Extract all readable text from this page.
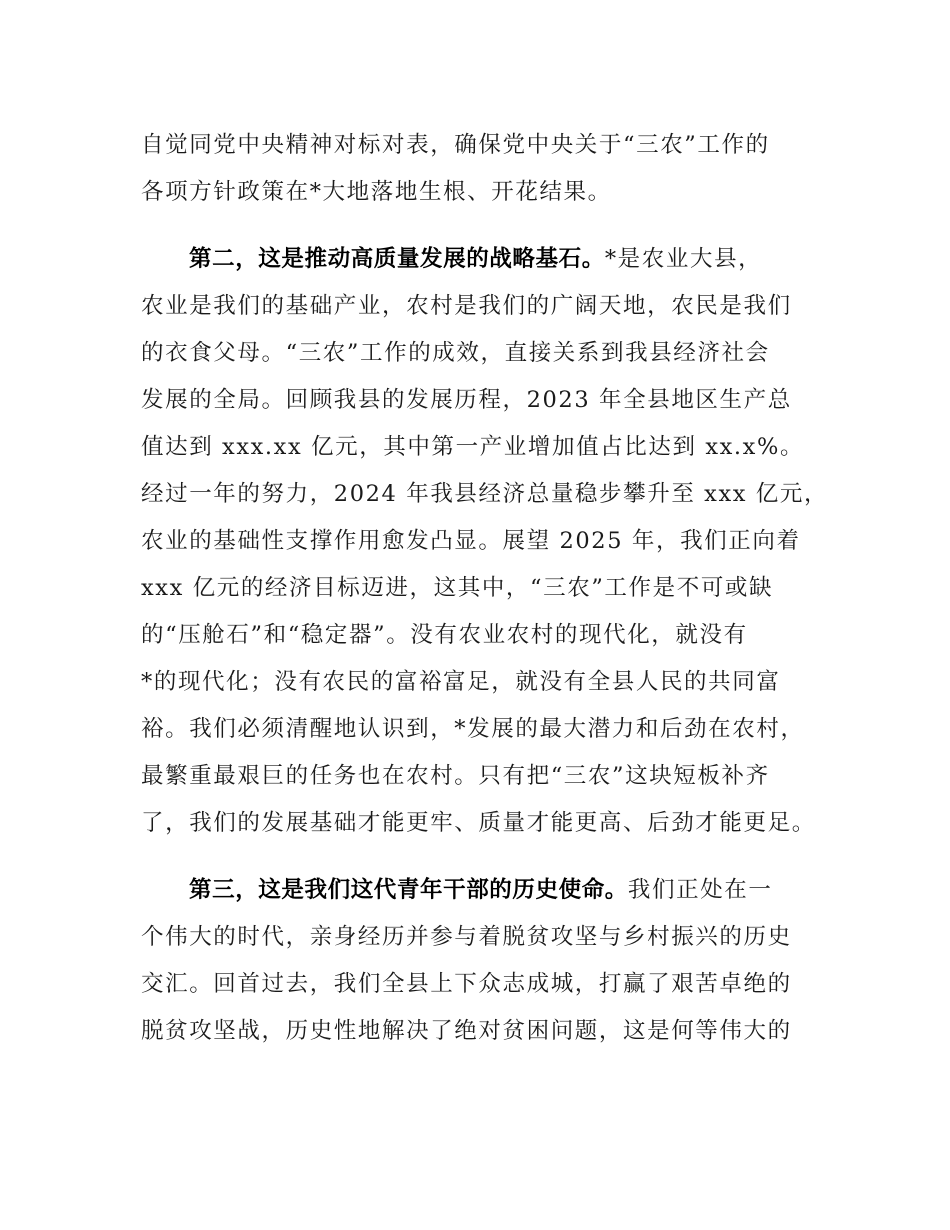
自觉同党中央精神对标对表，确保党中央关于“三农”工作的
各项方针政策在*大地落地生根、开花结果。

第二，这是推动高质量发展的战略基石。*是农业大县，
农业是我们的基础产业，农村是我们的广阔天地，农民是我们
的衣食父母。“三农”工作的成效，直接关系到我县经济社会
发展的全局。回顾我县的发展历程，2023 年全县地区生产总
值达到 xxx.xx 亿元，其中第一产业增加值占比达到 xx.x%。
经过一年的努力，2024 年我县经济总量稳步攀升至 xxx 亿元，
农业的基础性支撑作用愈发凸显。展望 2025 年，我们正向着
xxx 亿元的经济目标迈进，这其中，“三农”工作是不可或缺
的“压舱石”和“稳定器”。没有农业农村的现代化，就没有
*的现代化；没有农民的富裕富足，就没有全县人民的共同富
裕。我们必须清醒地认识到，*发展的最大潜力和后劲在农村，
最繁重最艰巨的任务也在农村。只有把“三农”这块短板补齐
了，我们的发展基础才能更牢、质量才能更高、后劲才能更足。

第三，这是我们这代青年干部的历史使命。我们正处在一
个伟大的时代，亲身经历并参与着脱贫攻坚与乡村振兴的历史
交汇。回首过去，我们全县上下众志成城，打赢了艰苦卓绝的
脱贫攻坚战，历史性地解决了绝对贫困问题，这是何等伟大的
